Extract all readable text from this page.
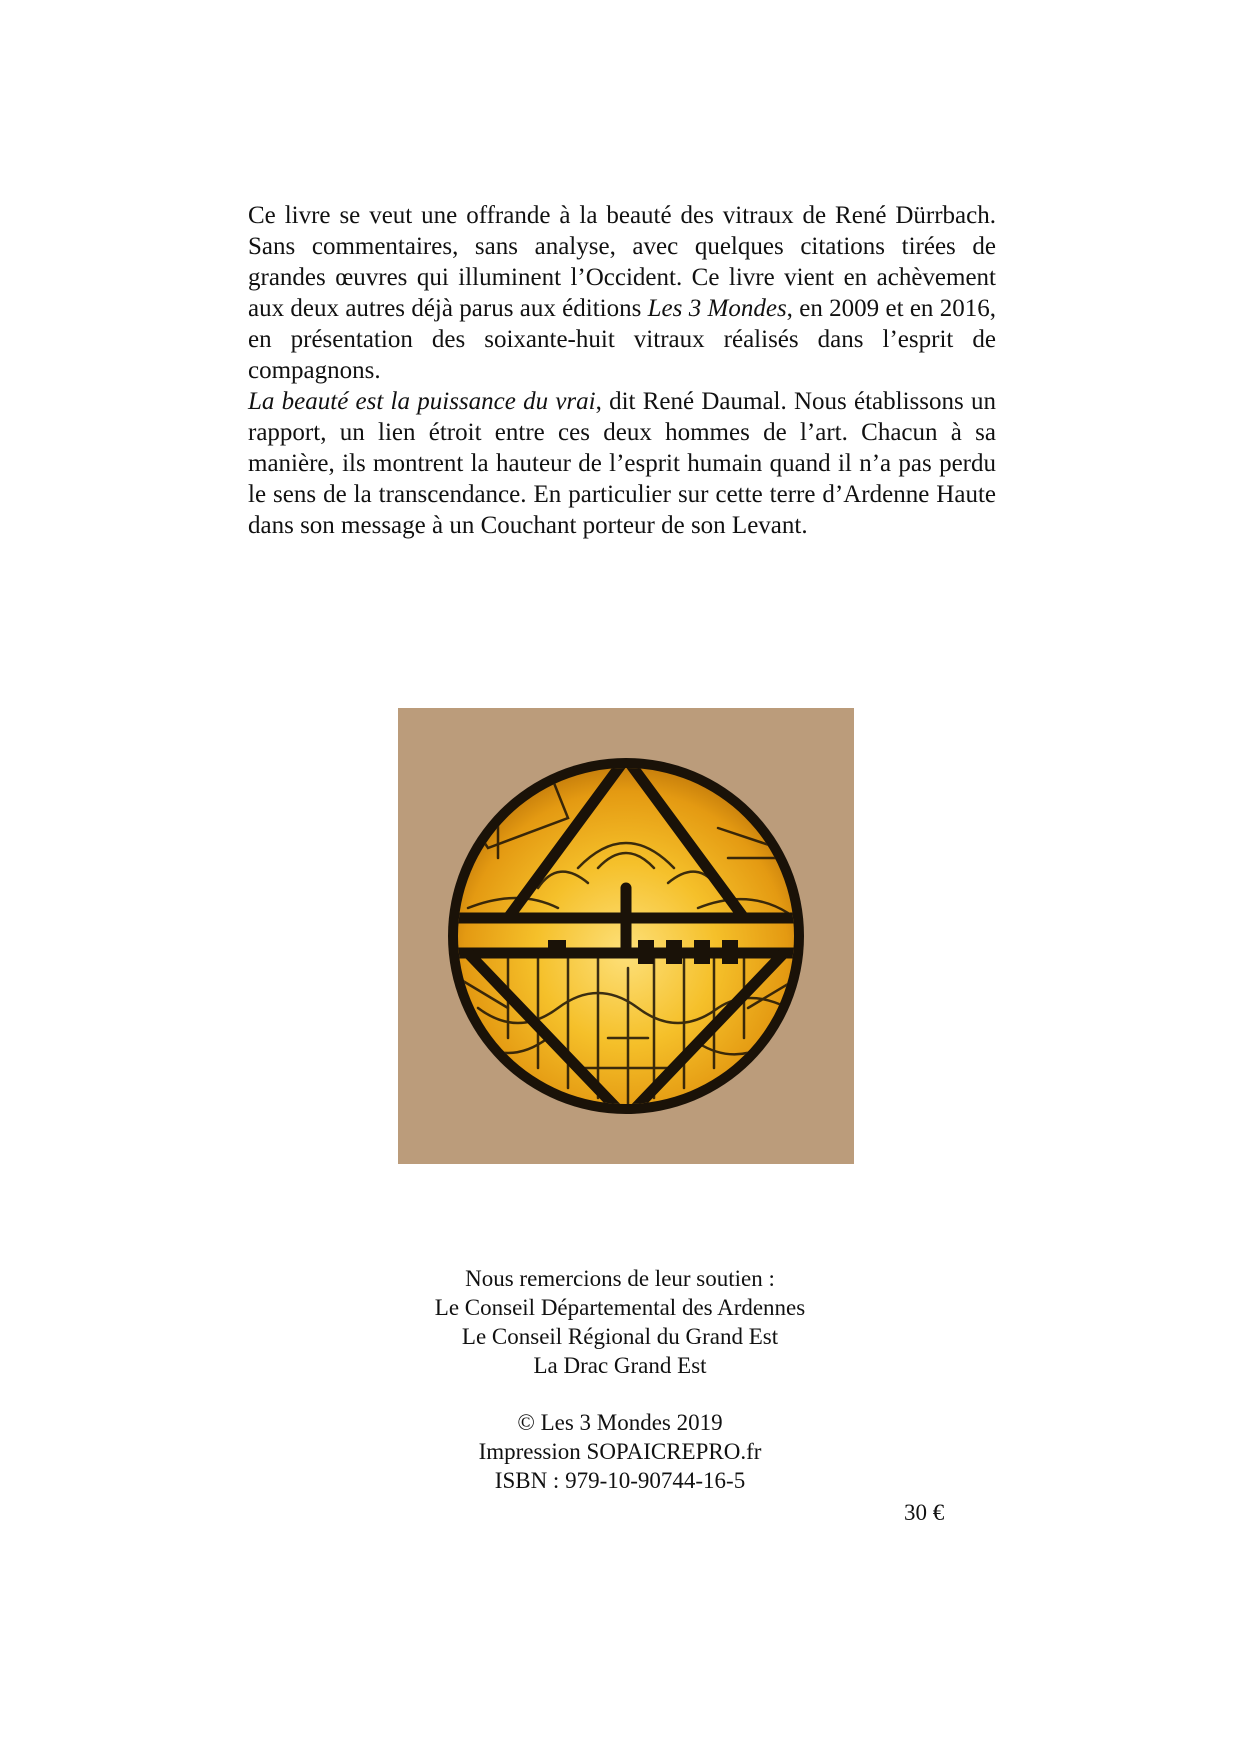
Ce livre se veut une offrande à la beauté des vitraux de René Dürrbach. Sans commentaires, sans analyse, avec quelques citations tirées de grandes œuvres qui illuminent l’Occident. Ce livre vient en achèvement aux deux autres déjà parus aux éditions Les 3 Mondes, en 2009 et en 2016, en présentation des soixante-huit vitraux réalisés dans l’esprit de compagnons.

La beauté est la puissance du vrai, dit René Daumal. Nous établissons un rapport, un lien étroit entre ces deux hommes de l’art. Chacun à sa manière, ils montrent la hauteur de l’esprit humain quand il n’a pas perdu le sens de la transcendance. En particulier sur cette terre d’Ardenne Haute dans son message à un Couchant porteur de son Levant.

Nous remercions de leur soutien :
Le Conseil Départemental des Ardennes
Le Conseil Régional du Grand Est
La Drac Grand Est
© Les 3 Mondes 2019
Impression SOPAICREPRO.fr
ISBN : 979-10-90744-16-5
30 €
